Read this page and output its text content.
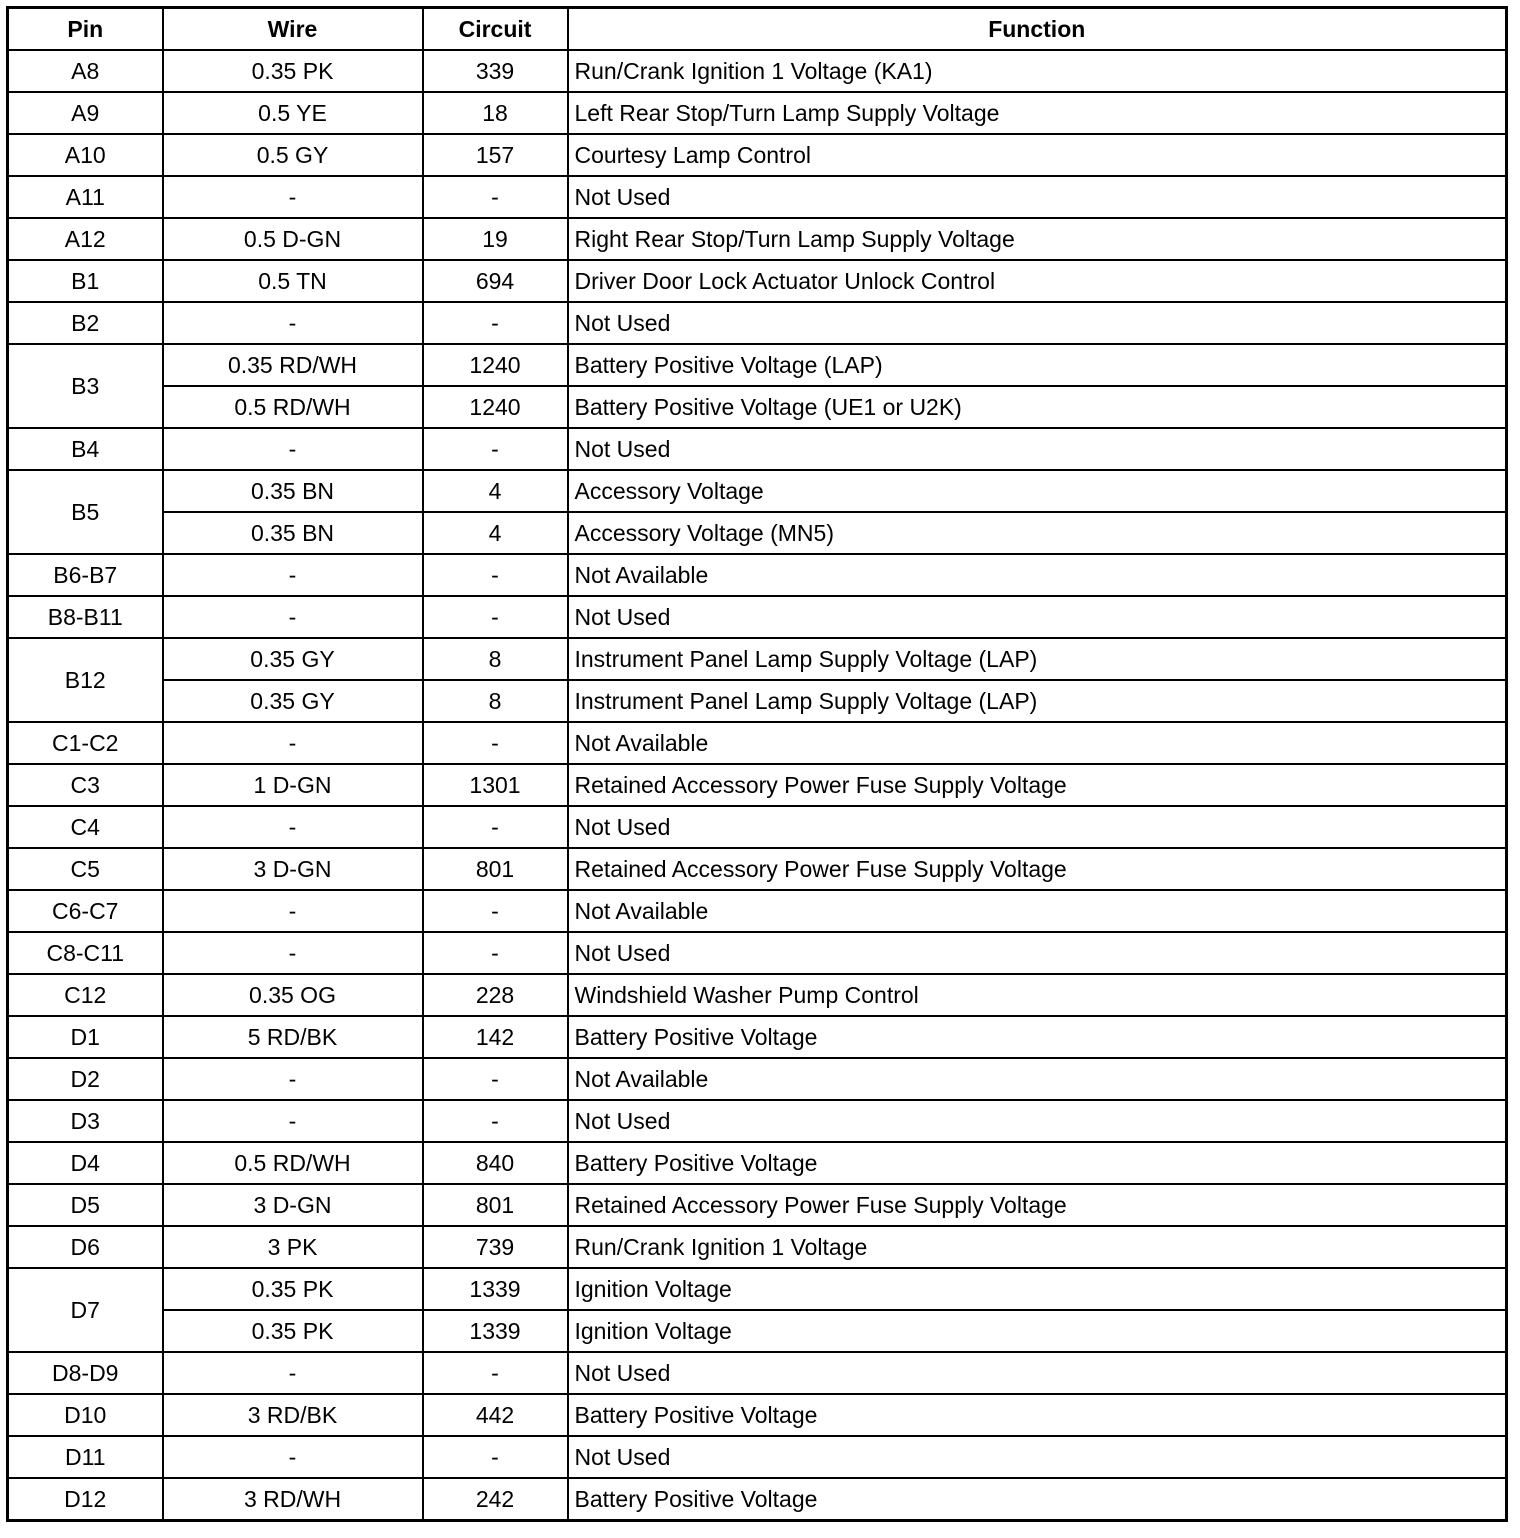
Pin	Wire	Circuit	Function
A8	0.35 PK	339	Run/Crank Ignition 1 Voltage (KA1)
A9	0.5 YE	18	Left Rear Stop/Turn Lamp Supply Voltage
A10	0.5 GY	157	Courtesy Lamp Control
A11	-	-	Not Used
A12	0.5 D-GN	19	Right Rear Stop/Turn Lamp Supply Voltage
B1	0.5 TN	694	Driver Door Lock Actuator Unlock Control
B2	-	-	Not Used
B3	0.35 RD/WH	1240	Battery Positive Voltage (LAP)
	0.5 RD/WH	1240	Battery Positive Voltage (UE1 or U2K)
B4	-	-	Not Used
B5	0.35 BN	4	Accessory Voltage
	0.35 BN	4	Accessory Voltage (MN5)
B6-B7	-	-	Not Available
B8-B11	-	-	Not Used
B12	0.35 GY	8	Instrument Panel Lamp Supply Voltage (LAP)
	0.35 GY	8	Instrument Panel Lamp Supply Voltage (LAP)
C1-C2	-	-	Not Available
C3	1 D-GN	1301	Retained Accessory Power Fuse Supply Voltage
C4	-	-	Not Used
C5	3 D-GN	801	Retained Accessory Power Fuse Supply Voltage
C6-C7	-	-	Not Available
C8-C11	-	-	Not Used
C12	0.35 OG	228	Windshield Washer Pump Control
D1	5 RD/BK	142	Battery Positive Voltage
D2	-	-	Not Available
D3	-	-	Not Used
D4	0.5 RD/WH	840	Battery Positive Voltage
D5	3 D-GN	801	Retained Accessory Power Fuse Supply Voltage
D6	3 PK	739	Run/Crank Ignition 1 Voltage
D7	0.35 PK	1339	Ignition Voltage
	0.35 PK	1339	Ignition Voltage
D8-D9	-	-	Not Used
D10	3 RD/BK	442	Battery Positive Voltage
D11	-	-	Not Used
D12	3 RD/WH	242	Battery Positive Voltage
